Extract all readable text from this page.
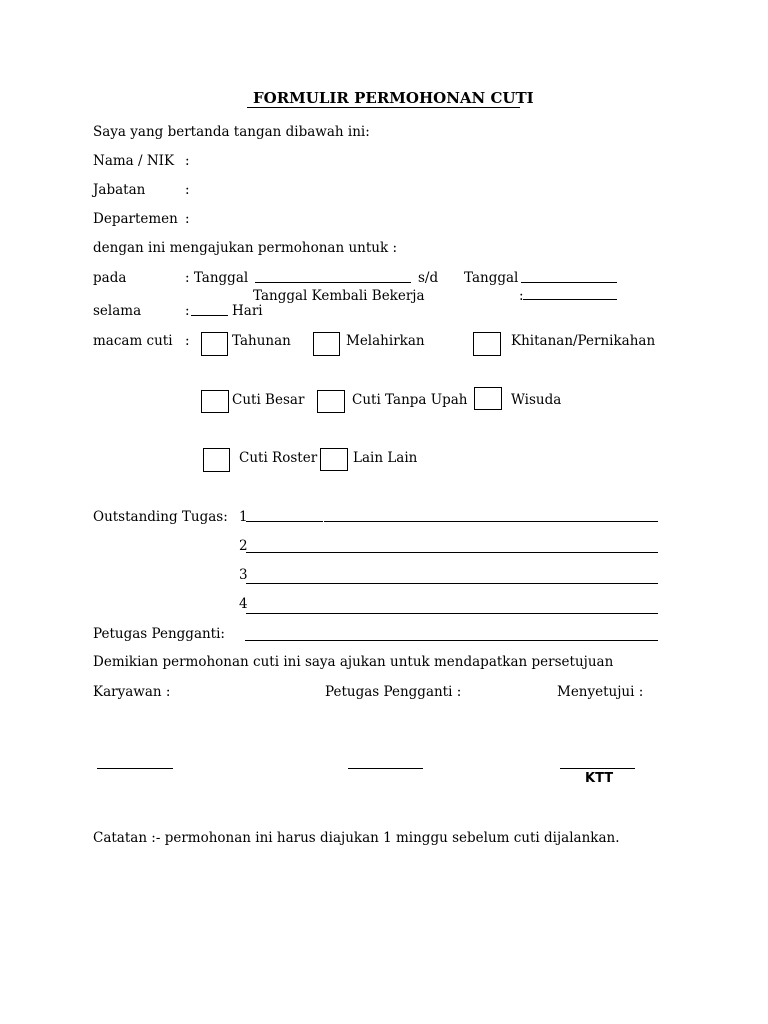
FORMULIR PERMOHONAN CUTI
Saya yang bertanda tangan dibawah ini:
Nama / NIK :
Jabatan	:
Departemen :
dengan ini mengajukan permohonan untuk :
pada	: Tanggal	s/d Tanggal
Tanggal Kembali Bekerja	:
selama	:	Hari
macam cuti :	Tahunan	Melahirkan	Khitanan/Pernikahan
Cuti Besar	Cuti Tanpa Upah	Wisuda
Cuti Roster	Lain Lain
Outstanding Tugas: 1
2
3
4
Petugas Pengganti:
Demikian permohonan cuti ini saya ajukan untuk mendapatkan persetujuan
Karyawan :	Petugas Pengganti :	Menyetujui :
KTT
Catatan :- permohonan ini harus diajukan 1 minggu sebelum cuti dijalankan.
